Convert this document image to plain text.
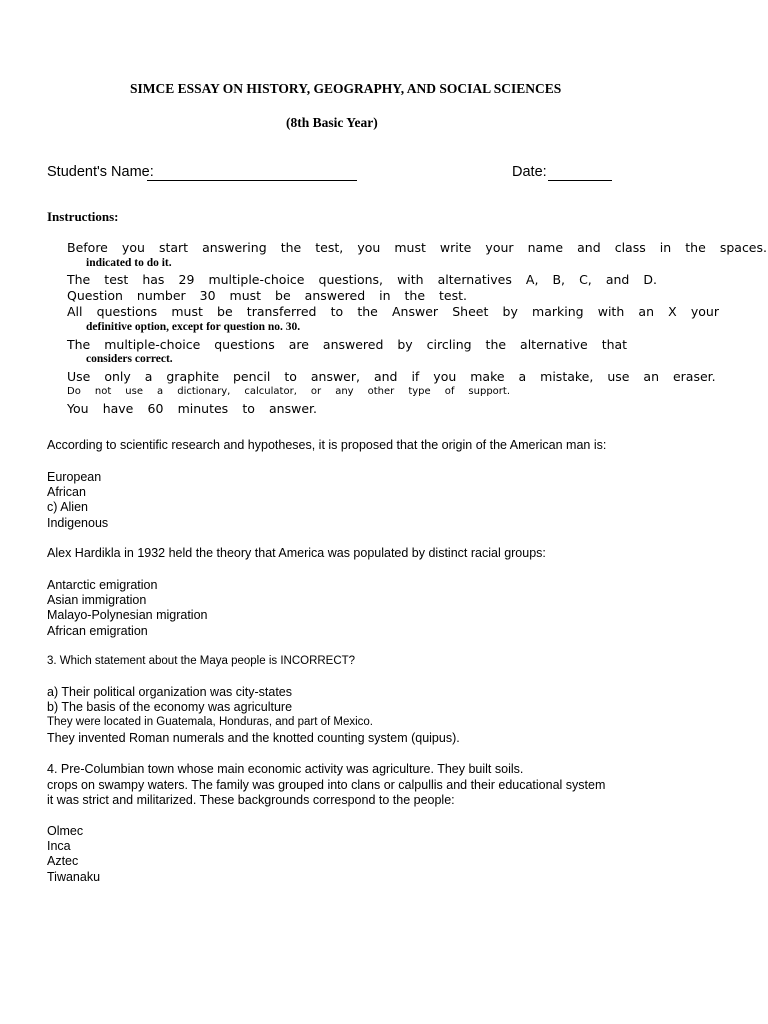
SIMCE ESSAY ON HISTORY, GEOGRAPHY, AND SOCIAL SCIENCES
(8th Basic Year)
Student's Name:	Date:
Instructions:
Before you start answering the test, you must write your name and class in the spaces.
indicated to do it.
The test has 29 multiple-choice questions, with alternatives A, B, C, and D.
Question number 30 must be answered in the test.
All questions must be transferred to the Answer Sheet by marking with an X your
definitive option, except for question no. 30.
The multiple-choice questions are answered by circling the alternative that
considers correct.
Use only a graphite pencil to answer, and if you make a mistake, use an eraser.
Do not use a dictionary, calculator, or any other type of support.
You have 60 minutes to answer.
According to scientific research and hypotheses, it is proposed that the origin of the American man is:
European
African
c) Alien
Indigenous
Alex Hardikla in 1932 held the theory that America was populated by distinct racial groups:
Antarctic emigration
Asian immigration
Malayo-Polynesian migration
African emigration
3. Which statement about the Maya people is INCORRECT?
a) Their political organization was city-states
b) The basis of the economy was agriculture
They were located in Guatemala, Honduras, and part of Mexico.
They invented Roman numerals and the knotted counting system (quipus).
4. Pre-Columbian town whose main economic activity was agriculture. They built soils.
crops on swampy waters. The family was grouped into clans or calpullis and their educational system
it was strict and militarized. These backgrounds correspond to the people:
Olmec
Inca
Aztec
Tiwanaku
